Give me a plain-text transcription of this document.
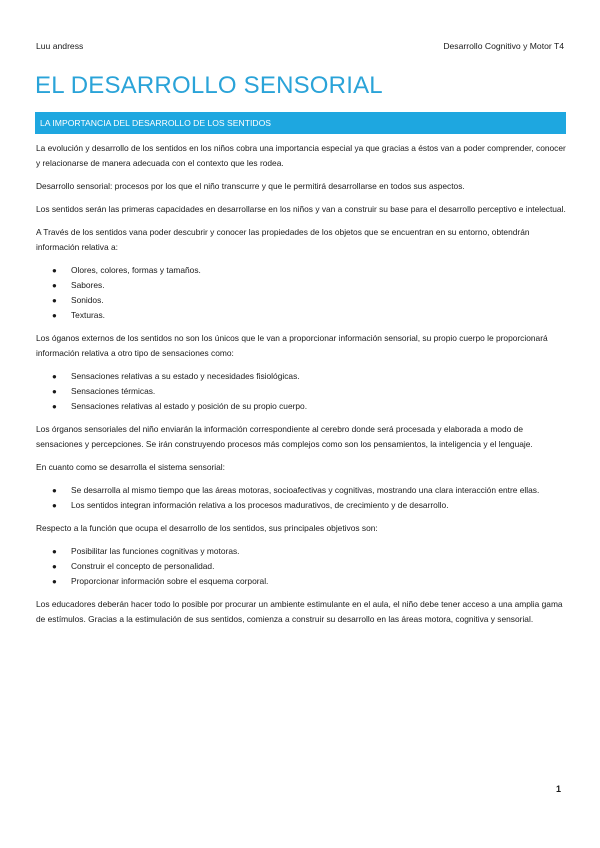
Luu andress	Desarrollo Cognitivo y Motor T4
EL DESARROLLO SENSORIAL
LA IMPORTANCIA DEL DESARROLLO DE LOS SENTIDOS

La evolución y desarrollo de los sentidos en los niños cobra una importancia especial ya que gracias a éstos van a poder comprender, conocer y relacionarse de manera adecuada con el contexto que les rodea.

Desarrollo sensorial: procesos por los que el niño transcurre y que le permitirá desarrollarse en todos sus aspectos.

Los sentidos serán las primeras capacidades en desarrollarse en los niños y van a construir su base para el desarrollo perceptivo e intelectual.

A Través de los sentidos vana poder descubrir y conocer las propiedades de los objetos que se encuentran en su entorno, obtendrán información relativa a:

● Olores, colores, formas y tamaños.
● Sabores.
● Sonidos.
● Texturas.

Los óganos externos de los sentidos no son los únicos que le van a proporcionar información sensorial, su propio cuerpo le proporcionará información relativa a otro tipo de sensaciones como:

● Sensaciones relativas a su estado y necesidades fisiológicas.
● Sensaciones térmicas.
● Sensaciones relativas al estado y posición de su propio cuerpo.

Los órganos sensoriales del niño enviarán la información correspondiente al cerebro donde será procesada y elaborada a modo de sensaciones y percepciones. Se irán construyendo procesos más complejos como son los pensamientos, la inteligencia y el lenguaje.

En cuanto como se desarrolla el sistema sensorial:

● Se desarrolla al mismo tiempo que las áreas motoras, socioafectivas y cognitivas, mostrando una clara interacción entre ellas.
● Los sentidos integran información relativa a los procesos madurativos, de crecimiento y de desarrollo.

Respecto a la función que ocupa el desarrollo de los sentidos, sus principales objetivos son:

● Posibilitar las funciones cognitivas y motoras.
● Construir el concepto de personalidad.
● Proporcionar información sobre el esquema corporal.

Los educadores deberán hacer todo lo posible por procurar un ambiente estimulante en el aula, el niño debe tener acceso a una amplia gama de estímulos. Gracias a la estimulación de sus sentidos, comienza a construir su desarrollo en las áreas motora, cognitiva y sensorial.

1
